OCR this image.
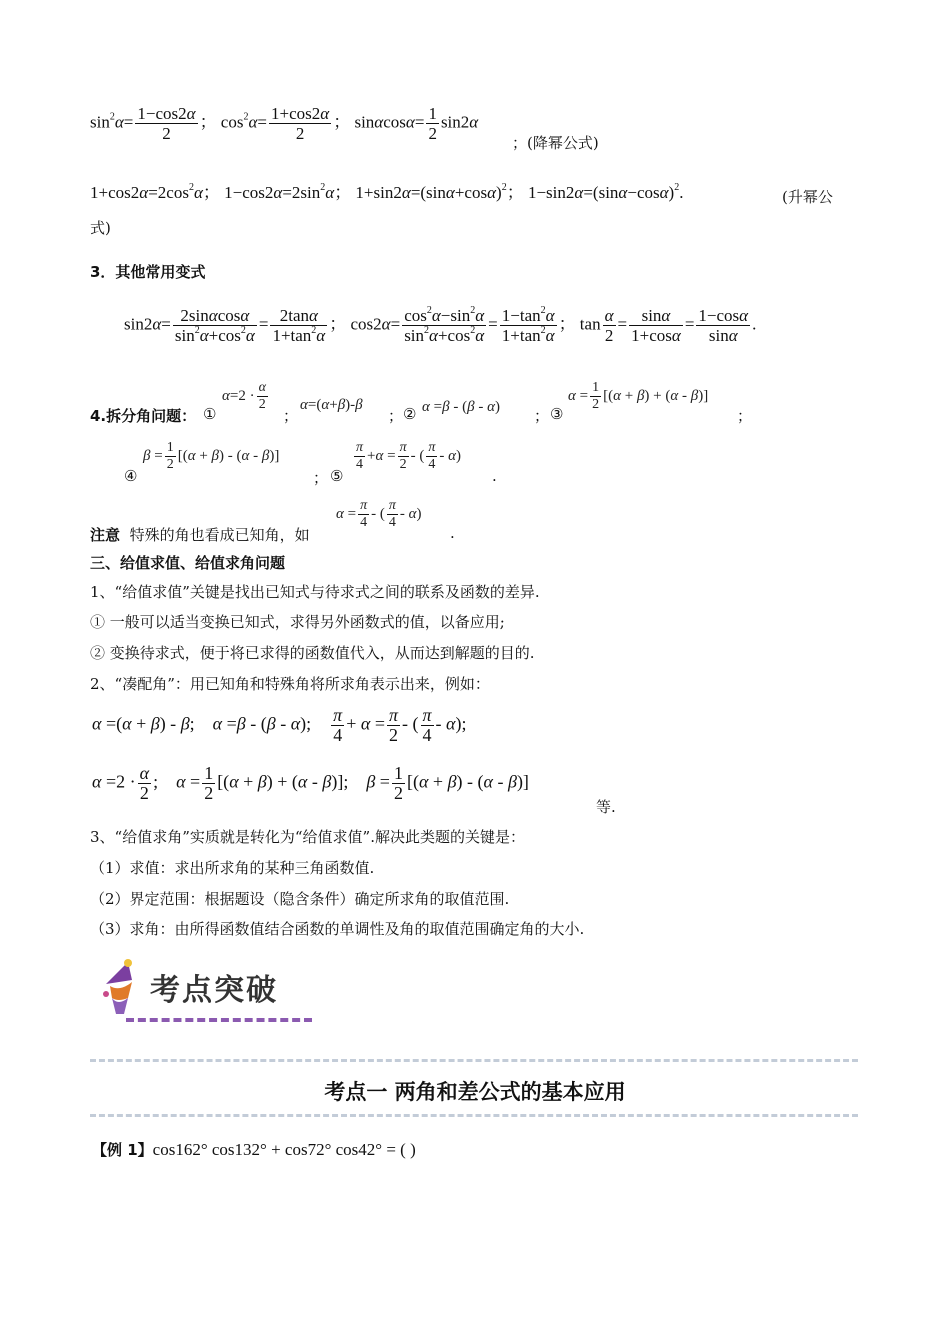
$\sin^2\alpha= \frac{1-\cos 2\alpha}{2}$ ； $\cos^2\alpha= \frac{1+\cos 2\alpha}{2}$ ； $\sin\alpha\cos\alpha= \frac{1}{2} \sin 2\alpha$
；(降幂公式)
$1+\cos 2\alpha=2\cos^2\alpha$； $1-\cos 2\alpha=2\sin^2\alpha$； $1+\sin 2\alpha=(\sin\alpha+\cos\alpha)^2$； $1-\sin 2\alpha=(\sin\alpha-\cos\alpha)^2$.	(升幂公
式)
3．其他常用变式
$\sin 2\alpha= \frac{2\sin\alpha\cos\alpha}{\sin^2\alpha+\cos^2\alpha} = \frac{2\tan\alpha}{1+\tan^2\alpha}$ ； $\cos 2\alpha= \frac{\cos^2\alpha-\sin^2\alpha}{\sin^2\alpha+\cos^2\alpha} = \frac{1-\tan^2\alpha}{1+\tan^2\alpha}$ ； $\tan \frac{\alpha}{2} = \frac{\sin\alpha}{1+\cos\alpha} = \frac{1-\cos\alpha}{\sin\alpha}$ .
4.拆分角问题： ①
$\alpha=2 \cdot \frac{\alpha}{2}$
；
α=(α+β)-β
； ② α =β - (β - α) ； ③
$\alpha = \frac{1}{2} [(\alpha + \beta) + (\alpha - \beta)]$
；
④
$\beta = \frac{1}{2} [(\alpha + \beta) - (\alpha - \beta)]$
； ⑤
$\frac{\pi}{4} +\alpha = \frac{\pi}{2}$ - ( $\frac{\pi}{4} - \alpha$)
.
注意 特殊的角也看成已知角，如
$\alpha = \frac{\pi}{4}$ - ( $\frac{\pi}{4} - \alpha$)
.
三、给值求值、给值求角问题
1、“给值求值”关键是找出已知式与待求式之间的联系及函数的差异.
① 一般可以适当变换已知式，求得另外函数式的值，以备应用;
② 变换待求式，便于将已求得的函数值代入，从而达到解题的目的.
2、“凑配角”：用已知角和特殊角将所求角表示出来，例如：
α =(α + β) - β;    α =β - (β - α); $\frac{\pi}{4} + \alpha = \frac{\pi}{2}$ - ( $\frac{\pi}{4} - \alpha$);
$\alpha =2 \cdot \frac{\alpha}{2}$ ;    $\alpha = \frac{1}{2} [(\alpha + \beta) + (\alpha - \beta)]$;    $\beta = \frac{1}{2} [(\alpha + \beta) - (\alpha - \beta)]$
等.
3、“给值求角”实质就是转化为“给值求值”.解决此类题的关键是：
（1）求值：求出所求角的某种三角函数值.
（2）界定范围：根据题设（隐含条件）确定所求角的取值范围.
（3）求角：由所得函数值结合函数的单调性及角的取值范围确定角的大小.
考点突破
考点一 两角和差公式的基本应用
【例 1】cos162° cos132° + cos72° cos42° = ( )
